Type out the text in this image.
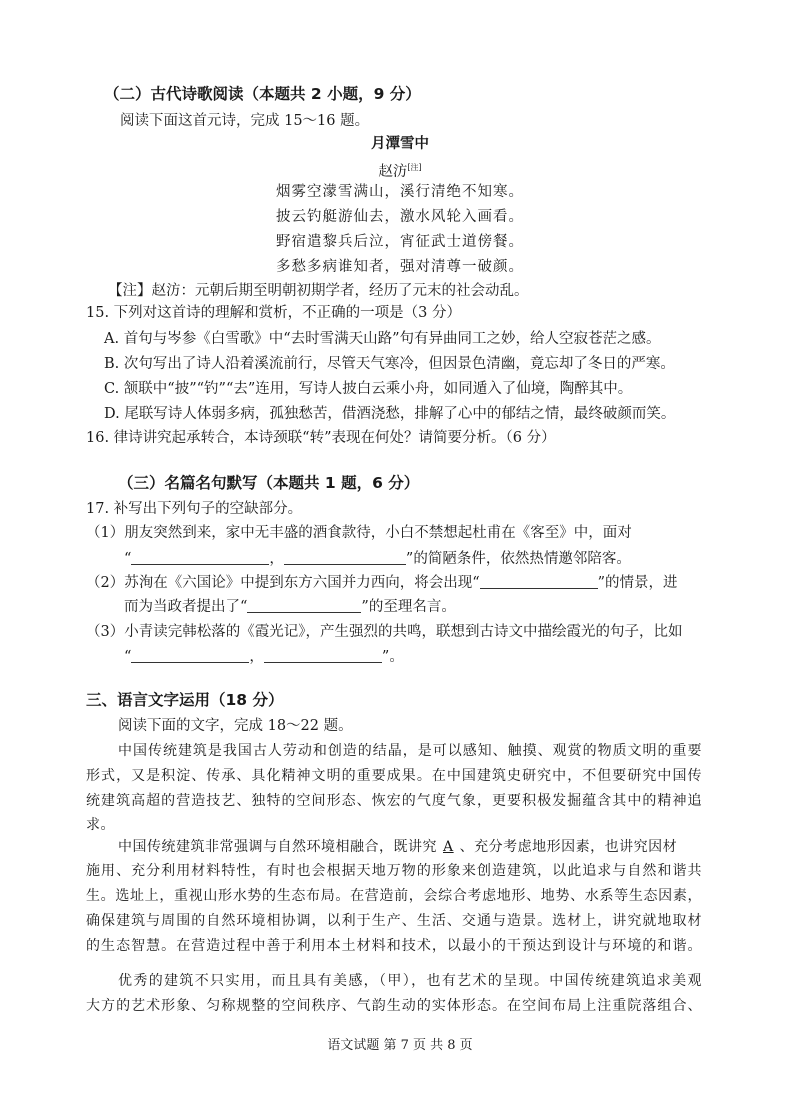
（二）古代诗歌阅读（本题共 2 小题，9 分）
阅读下面这首元诗，完成 15～16 题。
月潭雪中
赵汸[注]
烟雾空濛雪满山，溪行清绝不知寒。
披云钓艇游仙去，激水风轮入画看。
野宿遣黎兵后泣，宵征武士道傍餐。
多愁多病谁知者，强对清尊一破颜。
【注】赵汸：元朝后期至明朝初期学者，经历了元末的社会动乱。
15. 下列对这首诗的理解和赏析，不正确的一项是（3 分）
A. 首句与岑参《白雪歌》中“去时雪满天山路”句有异曲同工之妙，给人空寂苍茫之感。
B. 次句写出了诗人沿着溪流前行，尽管天气寒冷，但因景色清幽，竟忘却了冬日的严寒。
C. 颔联中“披”“钓”“去”连用，写诗人披白云乘小舟，如同遁入了仙境，陶醉其中。
D. 尾联写诗人体弱多病，孤独愁苦，借酒浇愁，排解了心中的郁结之情，最终破颜而笑。
16. 律诗讲究起承转合，本诗颈联“转”表现在何处？请简要分析。（6 分）
（三）名篇名句默写（本题共 1 题，6 分）
17. 补写出下列句子的空缺部分。
（1）朋友突然到来，家中无丰盛的酒食款待，小白不禁想起杜甫在《客至》中，面对
“	，	”的简陋条件，依然热情邀邻陪客。
（2）苏洵在《六国论》中提到东方六国并力西向，将会出现“	”的情景，进
而为当政者提出了“	”的至理名言。
（3）小青读完韩松落的《霞光记》，产生强烈的共鸣，联想到古诗文中描绘霞光的句子，比如
“	，	”。
三、语言文字运用（18 分）
阅读下面的文字，完成 18～22 题。
中国传统建筑是我国古人劳动和创造的结晶，是可以感知、触摸、观赏的物质文明的重要
形式，又是积淀、传承、具化精神文明的重要成果。在中国建筑史研究中，不但要研究中国传
统建筑高超的营造技艺、独特的空间形态、恢宏的气度气象，更要积极发掘蕴含其中的精神追
求。
中国传统建筑非常强调与自然环境相融合，既讲究 A 、充分考虑地形因素，也讲究因材
施用、充分利用材料特性，有时也会根据天地万物的形象来创造建筑，以此追求与自然和谐共
生。选址上，重视山形水势的生态布局。在营造前，会综合考虑地形、地势、水系等生态因素，
确保建筑与周围的自然环境相协调，以利于生产、生活、交通与造景。选材上，讲究就地取材
的生态智慧。在营造过程中善于利用本土材料和技术，以最小的干预达到设计与环境的和谐。
优秀的建筑不只实用，而且具有美感，（甲），也有艺术的呈现。中国传统建筑追求美观
大方的艺术形象、匀称规整的空间秩序、气韵生动的实体形态。在空间布局上注重院落组合、
语文试题 第 7 页 共 8 页
